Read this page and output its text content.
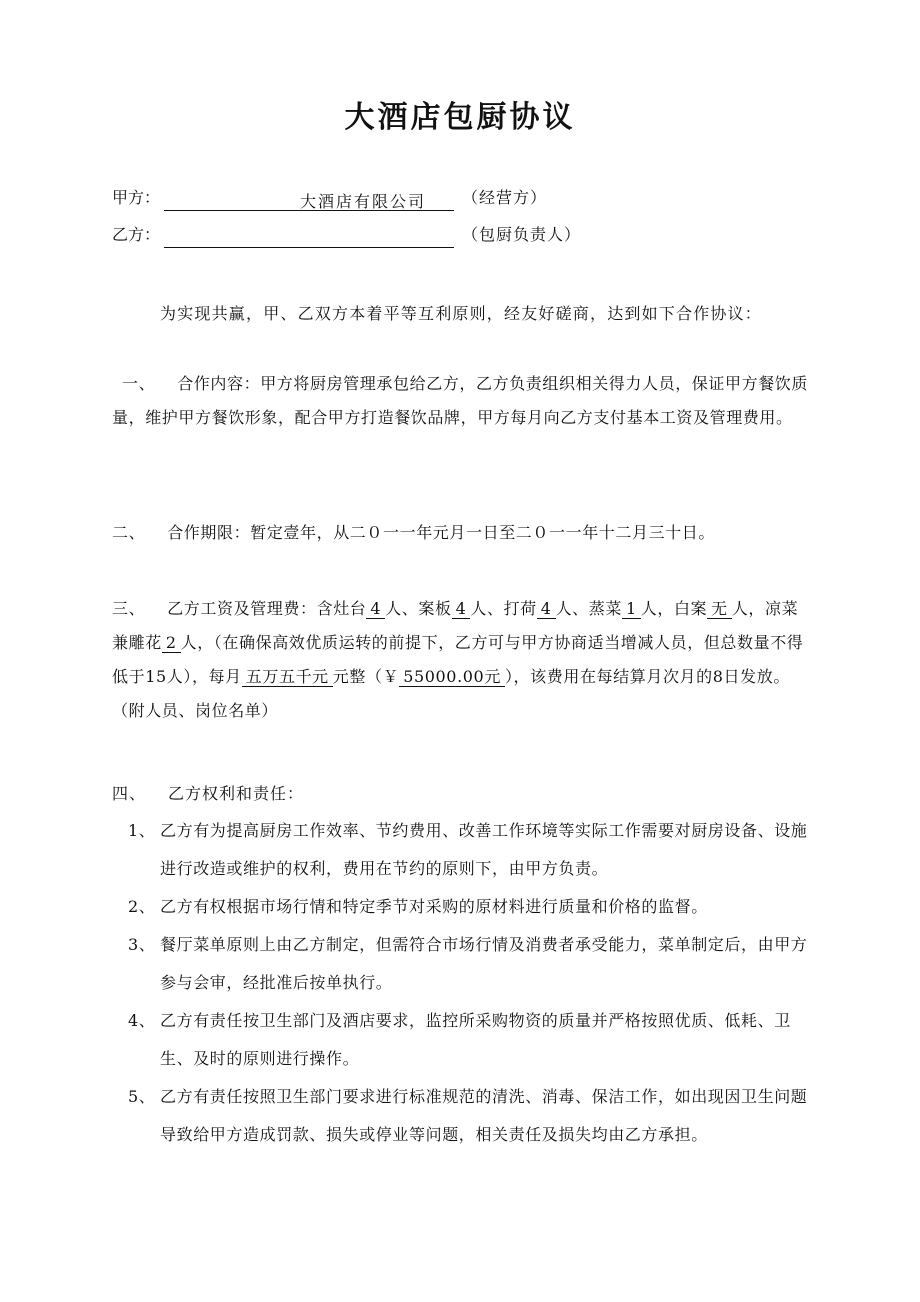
大酒店包厨协议
甲方：	大酒店有限公司 （经营方）
乙方：	（包厨负责人）
为实现共赢，甲、乙双方本着平等互利原则，经友好磋商，达到如下合作协议：
一、 合作内容：甲方将厨房管理承包给乙方，乙方负责组织相关得力人员，保证甲方餐饮质量，维护甲方餐饮形象，配合甲方打造餐饮品牌，甲方每月向乙方支付基本工资及管理费用。
二、 合作期限：暂定壹年，从二０一一年元月一日至二０一一年十二月三十日。
三、 乙方工资及管理费：含灶台 4 人、案板 4 人、打荷 4 人、蒸菜 1 人，白案 无 人，凉菜兼雕花 2 人，（在确保高效优质运转的前提下，乙方可与甲方协商适当增减人员，但总数量不得低于15人），每月 五万五千元 元整（￥ 55000.00元 ），该费用在每结算月次月的8日发放。（附人员、岗位名单）
四、 乙方权利和责任：
1、 乙方有为提高厨房工作效率、节约费用、改善工作环境等实际工作需要对厨房设备、设施进行改造或维护的权利，费用在节约的原则下，由甲方负责。
2、 乙方有权根据市场行情和特定季节对采购的原材料进行质量和价格的监督。
3、 餐厅菜单原则上由乙方制定，但需符合市场行情及消费者承受能力，菜单制定后，由甲方参与会审，经批准后按单执行。
4、 乙方有责任按卫生部门及酒店要求，监控所采购物资的质量并严格按照优质、低耗、卫生、及时的原则进行操作。
5、 乙方有责任按照卫生部门要求进行标准规范的清洗、消毒、保洁工作，如出现因卫生问题导致给甲方造成罚款、损失或停业等问题，相关责任及损失均由乙方承担。
